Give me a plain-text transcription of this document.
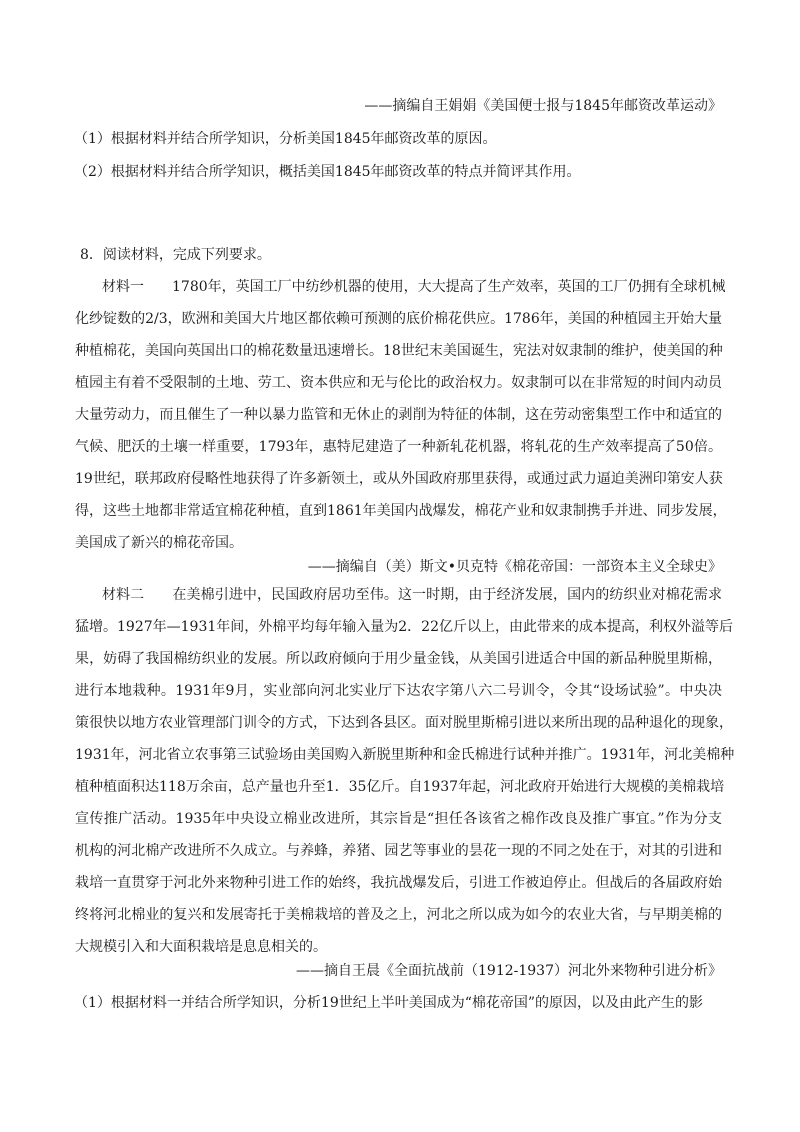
——摘编自王娟娟《美国便士报与1845年邮资改革运动》
（1）根据材料并结合所学知识，分析美国1845年邮资改革的原因。
（2）根据材料并结合所学知识，概括美国1845年邮资改革的特点并简评其作用。
8．阅读材料，完成下列要求。
材料一　　1780年，英国工厂中纺纱机器的使用，大大提高了生产效率，英国的工厂仍拥有全球机械
化纱锭数的2/3，欧洲和美国大片地区都依赖可预测的底价棉花供应。1786年，美国的种植园主开始大量
种植棉花，美国向英国出口的棉花数量迅速增长。18世纪末美国诞生，宪法对奴隶制的维护，使美国的种
植园主有着不受限制的土地、劳工、资本供应和无与伦比的政治权力。奴隶制可以在非常短的时间内动员
大量劳动力，而且催生了一种以暴力监管和无休止的剥削为特征的体制，这在劳动密集型工作中和适宜的
气候、肥沃的土壤一样重要，1793年，惠特尼建造了一种新轧花机器，将轧花的生产效率提高了50倍。
19世纪，联邦政府侵略性地获得了许多新领土，或从外国政府那里获得，或通过武力逼迫美洲印第安人获
得，这些土地都非常适宜棉花种植，直到1861年美国内战爆发，棉花产业和奴隶制携手并进、同步发展，
美国成了新兴的棉花帝国。
——摘编自（美）斯文•贝克特《棉花帝国：一部资本主义全球史》
材料二　　在美棉引进中，民国政府居功至伟。这一时期，由于经济发展，国内的纺织业对棉花需求
猛增。1927年—1931年间，外棉平均每年输入量为2．22亿斤以上，由此带来的成本提高，利权外溢等后
果，妨碍了我国棉纺织业的发展。所以政府倾向于用少量金钱，从美国引进适合中国的新品种脱里斯棉，
进行本地栽种。1931年9月，实业部向河北实业厅下达农字第八六二号训令，令其“设场试验”。中央决
策很快以地方农业管理部门训令的方式，下达到各县区。面对脱里斯棉引进以来所出现的品种退化的现象，
1931年，河北省立农事第三试验场由美国购入新脱里斯种和金氏棉进行试种并推广。1931年，河北美棉种
植种植面积达118万余亩，总产量也升至1．35亿斤。自1937年起，河北政府开始进行大规模的美棉栽培
宣传推广活动。1935年中央设立棉业改进所，其宗旨是“担任各该省之棉作改良及推广事宜。”作为分支
机构的河北棉产改进所不久成立。与养蜂，养猪、园艺等事业的昙花一现的不同之处在于，对其的引进和
栽培一直贯穿于河北外来物种引进工作的始终，我抗战爆发后，引进工作被迫停止。但战后的各届政府始
终将河北棉业的复兴和发展寄托于美棉栽培的普及之上，河北之所以成为如今的农业大省，与早期美棉的
大规模引入和大面积栽培是息息相关的。
——摘自王晨《全面抗战前（1912-1937）河北外来物种引进分析》
（1）根据材料一并结合所学知识，分析19世纪上半叶美国成为“棉花帝国”的原因，以及由此产生的影
